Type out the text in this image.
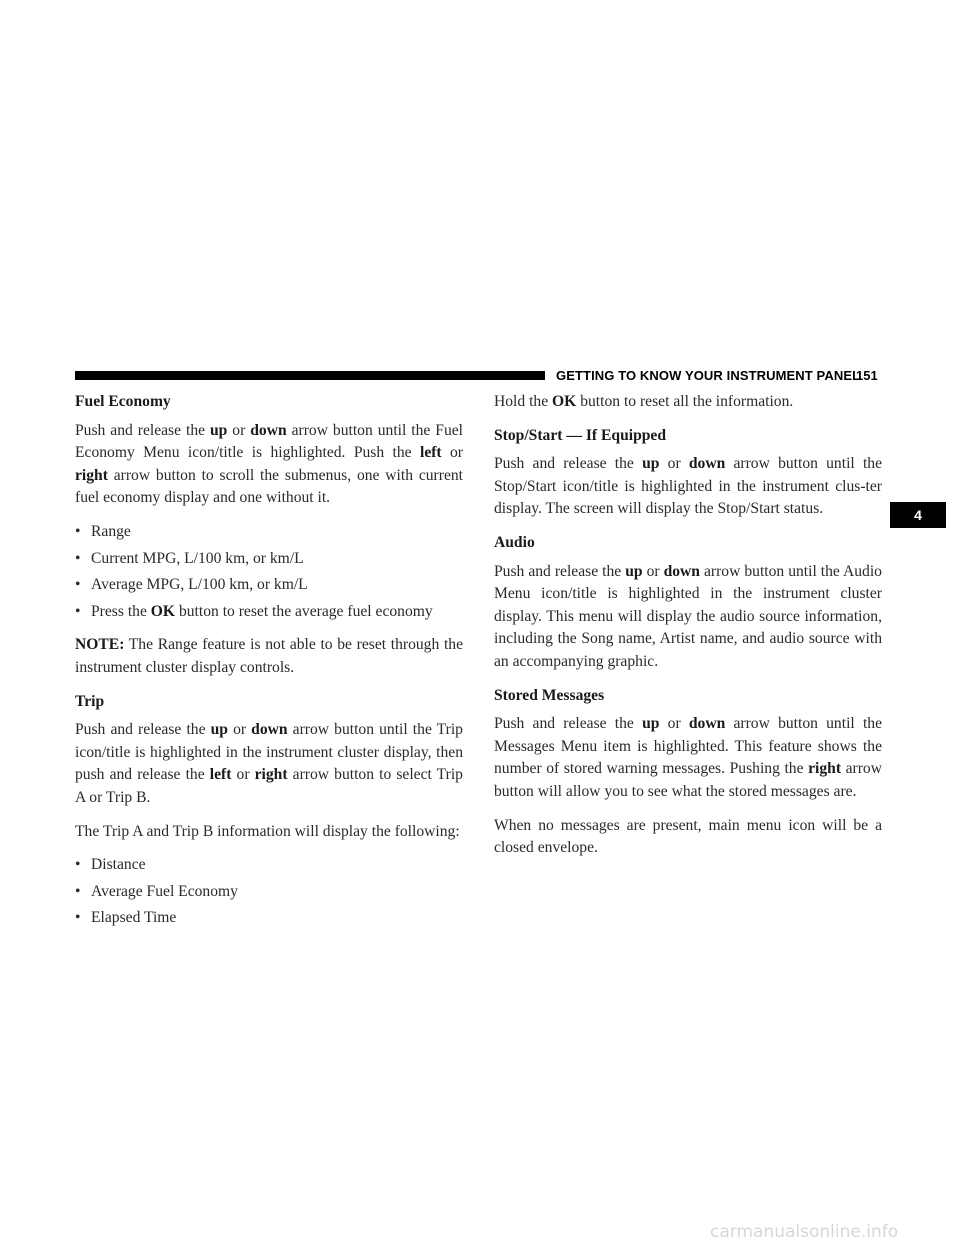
GETTING TO KNOW YOUR INSTRUMENT PANEL
151
4
Fuel Economy

Push and release the up or down arrow button until the Fuel Economy Menu icon/title is highlighted. Push the left or right arrow button to scroll the submenus, one with current fuel economy display and one without it.

• Range
• Current MPG, L/100 km, or km/L
• Average MPG, L/100 km, or km/L
• Press the OK button to reset the average fuel economy

NOTE: The Range feature is not able to be reset through the instrument cluster display controls.

Trip

Push and release the up or down arrow button until the Trip icon/title is highlighted in the instrument cluster display, then push and release the left or right arrow button to select Trip A or Trip B.

The Trip A and Trip B information will display the following:

• Distance
• Average Fuel Economy
• Elapsed Time

Hold the OK button to reset all the information.

Stop/Start — If Equipped

Push and release the up or down arrow button until the Stop/Start icon/title is highlighted in the instrument clus-ter display. The screen will display the Stop/Start status.

Audio

Push and release the up or down arrow button until the Audio Menu icon/title is highlighted in the instrument cluster display. This menu will display the audio source information, including the Song name, Artist name, and audio source with an accompanying graphic.

Stored Messages

Push and release the up or down arrow button until the Messages Menu item is highlighted. This feature shows the number of stored warning messages. Pushing the right arrow button will allow you to see what the stored messages are.

When no messages are present, main menu icon will be a closed envelope.

carmanualsonline.info
